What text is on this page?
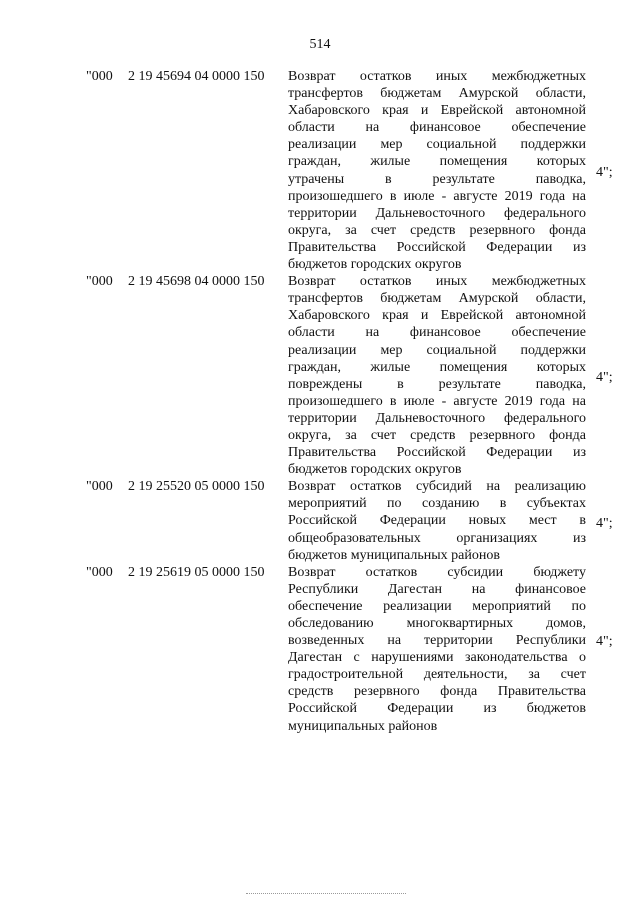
514
"000 2 19 45694 04 0000 150 Возврат остатков иных межбюджетных
трансфертов бюджетам Амурской области,
Хабаровского края и Еврейской автономной
области на финансовое обеспечение
реализации мер социальной поддержки
граждан, жилые помещения которых
утрачены в результате паводка,
произошедшего в июле - августе 2019 года на
территории Дальневосточного федерального
округа, за счет средств резервного фонда
Правительства Российской Федерации из
бюджетов городских округов
4";
"000 2 19 45698 04 0000 150 Возврат остатков иных межбюджетных
трансфертов бюджетам Амурской области,
Хабаровского края и Еврейской автономной
области на финансовое обеспечение
реализации мер социальной поддержки
граждан, жилые помещения которых
повреждены в результате паводка,
произошедшего в июле - августе 2019 года на
территории Дальневосточного федерального
округа, за счет средств резервного фонда
Правительства Российской Федерации из
бюджетов городских округов
4";
"000 2 19 25520 05 0000 150 Возврат остатков субсидий на реализацию
мероприятий по созданию в субъектах
Российской Федерации новых мест в
общеобразовательных организациях из
бюджетов муниципальных районов
4";
"000 2 19 25619 05 0000 150 Возврат остатков субсидии бюджету
Республики Дагестан на финансовое
обеспечение реализации мероприятий по
обследованию многоквартирных домов,
возведенных на территории Республики
Дагестан с нарушениями законодательства о
градостроительной деятельности, за счет
средств резервного фонда Правительства
Российской Федерации из бюджетов
муниципальных районов
4";
